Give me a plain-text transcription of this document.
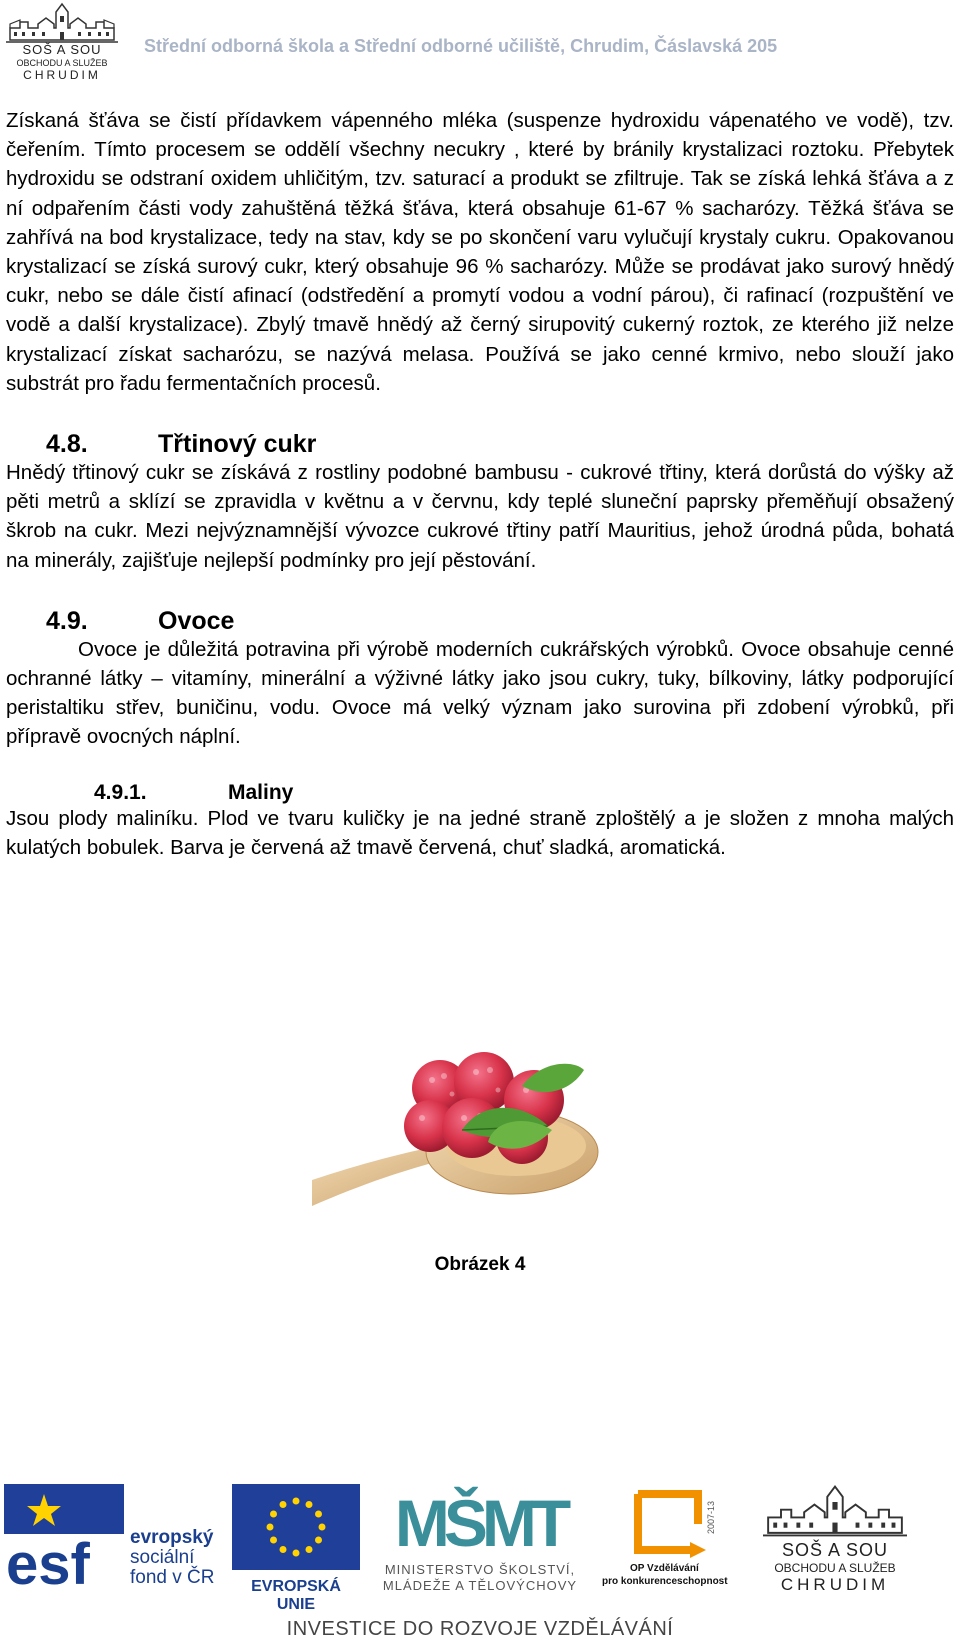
SOŠ A SOU
OBCHODU A SLUŽEB
CHRUDIM
Střední odborná škola a Střední odborné učiliště, Chrudim, Čáslavská 205

Získaná šťáva se čistí přídavkem vápenného mléka (suspenze hydroxidu vápenatého ve vodě), tzv. čeřením. Tímto procesem se oddělí všechny necukry , které by bránily krystalizaci roztoku. Přebytek hydroxidu se odstraní oxidem uhličitým, tzv. saturací a produkt se zfiltruje. Tak se získá lehká šťáva a z ní odpařením části vody zahuštěná těžká šťáva, která obsahuje 61-67 % sacharózy. Těžká šťáva se zahřívá na bod krystalizace, tedy na stav, kdy se po skončení varu vylučují krystaly cukru. Opakovanou krystalizací se získá surový cukr, který obsahuje 96 % sacharózy. Může se prodávat jako surový hnědý cukr, nebo se dále čistí afinací (odstředění a promytí vodou a vodní párou), či rafinací (rozpuštění ve vodě a další krystalizace). Zbylý tmavě hnědý až černý sirupovitý cukerný roztok, ze kterého již nelze krystalizací získat sacharózu, se nazývá melasa. Používá se jako cenné krmivo, nebo slouží jako substrát pro řadu fermentačních procesů.

4.8.	Třtinový cukr

Hnědý třtinový cukr se získává z rostliny podobné bambusu - cukrové třtiny, která dorůstá do výšky až pěti metrů a sklízí se zpravidla v květnu a v červnu, kdy teplé sluneční paprsky přeměňují obsažený škrob na cukr. Mezi nejvýznamnější vývozce cukrové třtiny patří Mauritius, jehož úrodná půda, bohatá na minerály, zajišťuje nejlepší podmínky pro její pěstování.

4.9.	Ovoce

Ovoce je důležitá potravina při výrobě moderních cukrářských výrobků. Ovoce obsahuje cenné ochranné látky – vitamíny, minerální a výživné látky jako jsou cukry, tuky, bílkoviny, látky podporující peristaltiku střev, buničinu, vodu. Ovoce má velký význam jako surovina při zdobení výrobků, při přípravě ovocných náplní.

4.9.1.	Maliny

Jsou plody maliníku. Plod ve tvaru kuličky je na jedné straně zploštělý a je složen z mnoha malých kulatých bobulek. Barva je červená až tmavě červená, chuť sladká, aromatická.

Obrázek 4
esf evropský
sociální
fond v ČR	EVROPSKÁ UNIE
MŠMT
MINISTERSTVO ŠKOLSTVÍ,
MLÁDEŽE A TĚLOVÝCHOVY
2007-13
OP Vzdělávání
pro konkurenceschopnost
SOŠ A SOU
OBCHODU A SLUŽEB
CHRUDIM
INVESTICE DO ROZVOJE VZDĚLÁVÁNÍ
